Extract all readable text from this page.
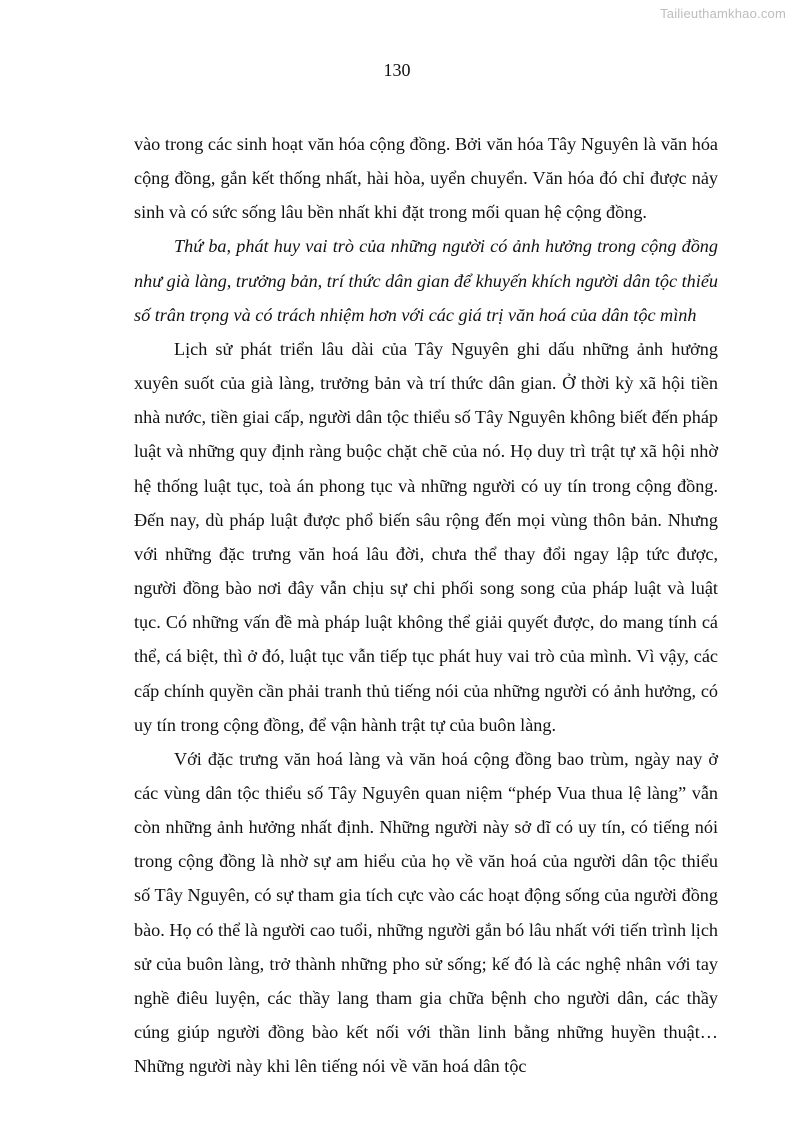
Tailieuthamkhao.com
130

vào trong các sinh hoạt văn hóa cộng đồng. Bởi văn hóa Tây Nguyên là văn hóa cộng đồng, gắn kết thống nhất, hài hòa, uyển chuyển. Văn hóa đó chỉ được nảy sinh và có sức sống lâu bền nhất khi đặt trong mối quan hệ cộng đồng.

Thứ ba, phát huy vai trò của những người có ảnh hưởng trong cộng đồng như già làng, trưởng bản, trí thức dân gian để khuyến khích người dân tộc thiểu số trân trọng và có trách nhiệm hơn với các giá trị văn hoá của dân tộc mình

Lịch sử phát triển lâu dài của Tây Nguyên ghi dấu những ảnh hưởng xuyên suốt của già làng, trưởng bản và trí thức dân gian. Ở thời kỳ xã hội tiền nhà nước, tiền giai cấp, người dân tộc thiểu số Tây Nguyên không biết đến pháp luật và những quy định ràng buộc chặt chẽ của nó. Họ duy trì trật tự xã hội nhờ hệ thống luật tục, toà án phong tục và những người có uy tín trong cộng đồng. Đến nay, dù pháp luật được phổ biến sâu rộng đến mọi vùng thôn bản. Nhưng với những đặc trưng văn hoá lâu đời, chưa thể thay đổi ngay lập tức được, người đồng bào nơi đây vẫn chịu sự chi phối song song của pháp luật và luật tục. Có những vấn đề mà pháp luật không thể giải quyết được, do mang tính cá thể, cá biệt, thì ở đó, luật tục vẫn tiếp tục phát huy vai trò của mình. Vì vậy, các cấp chính quyền cần phải tranh thủ tiếng nói của những người có ảnh hưởng, có uy tín trong cộng đồng, để vận hành trật tự của buôn làng.

Với đặc trưng văn hoá làng và văn hoá cộng đồng bao trùm, ngày nay ở các vùng dân tộc thiểu số Tây Nguyên quan niệm “phép Vua thua lệ làng” vẫn còn những ảnh hưởng nhất định. Những người này sở dĩ có uy tín, có tiếng nói trong cộng đồng là nhờ sự am hiểu của họ về văn hoá của người dân tộc thiểu số Tây Nguyên, có sự tham gia tích cực vào các hoạt động sống của người đồng bào. Họ có thể là người cao tuổi, những người gắn bó lâu nhất với tiến trình lịch sử của buôn làng, trở thành những pho sử sống; kế đó là các nghệ nhân với tay nghề điêu luyện, các thầy lang tham gia chữa bệnh cho người dân, các thầy cúng giúp người đồng bào kết nối với thần linh bằng những huyền thuật… Những người này khi lên tiếng nói về văn hoá dân tộc
